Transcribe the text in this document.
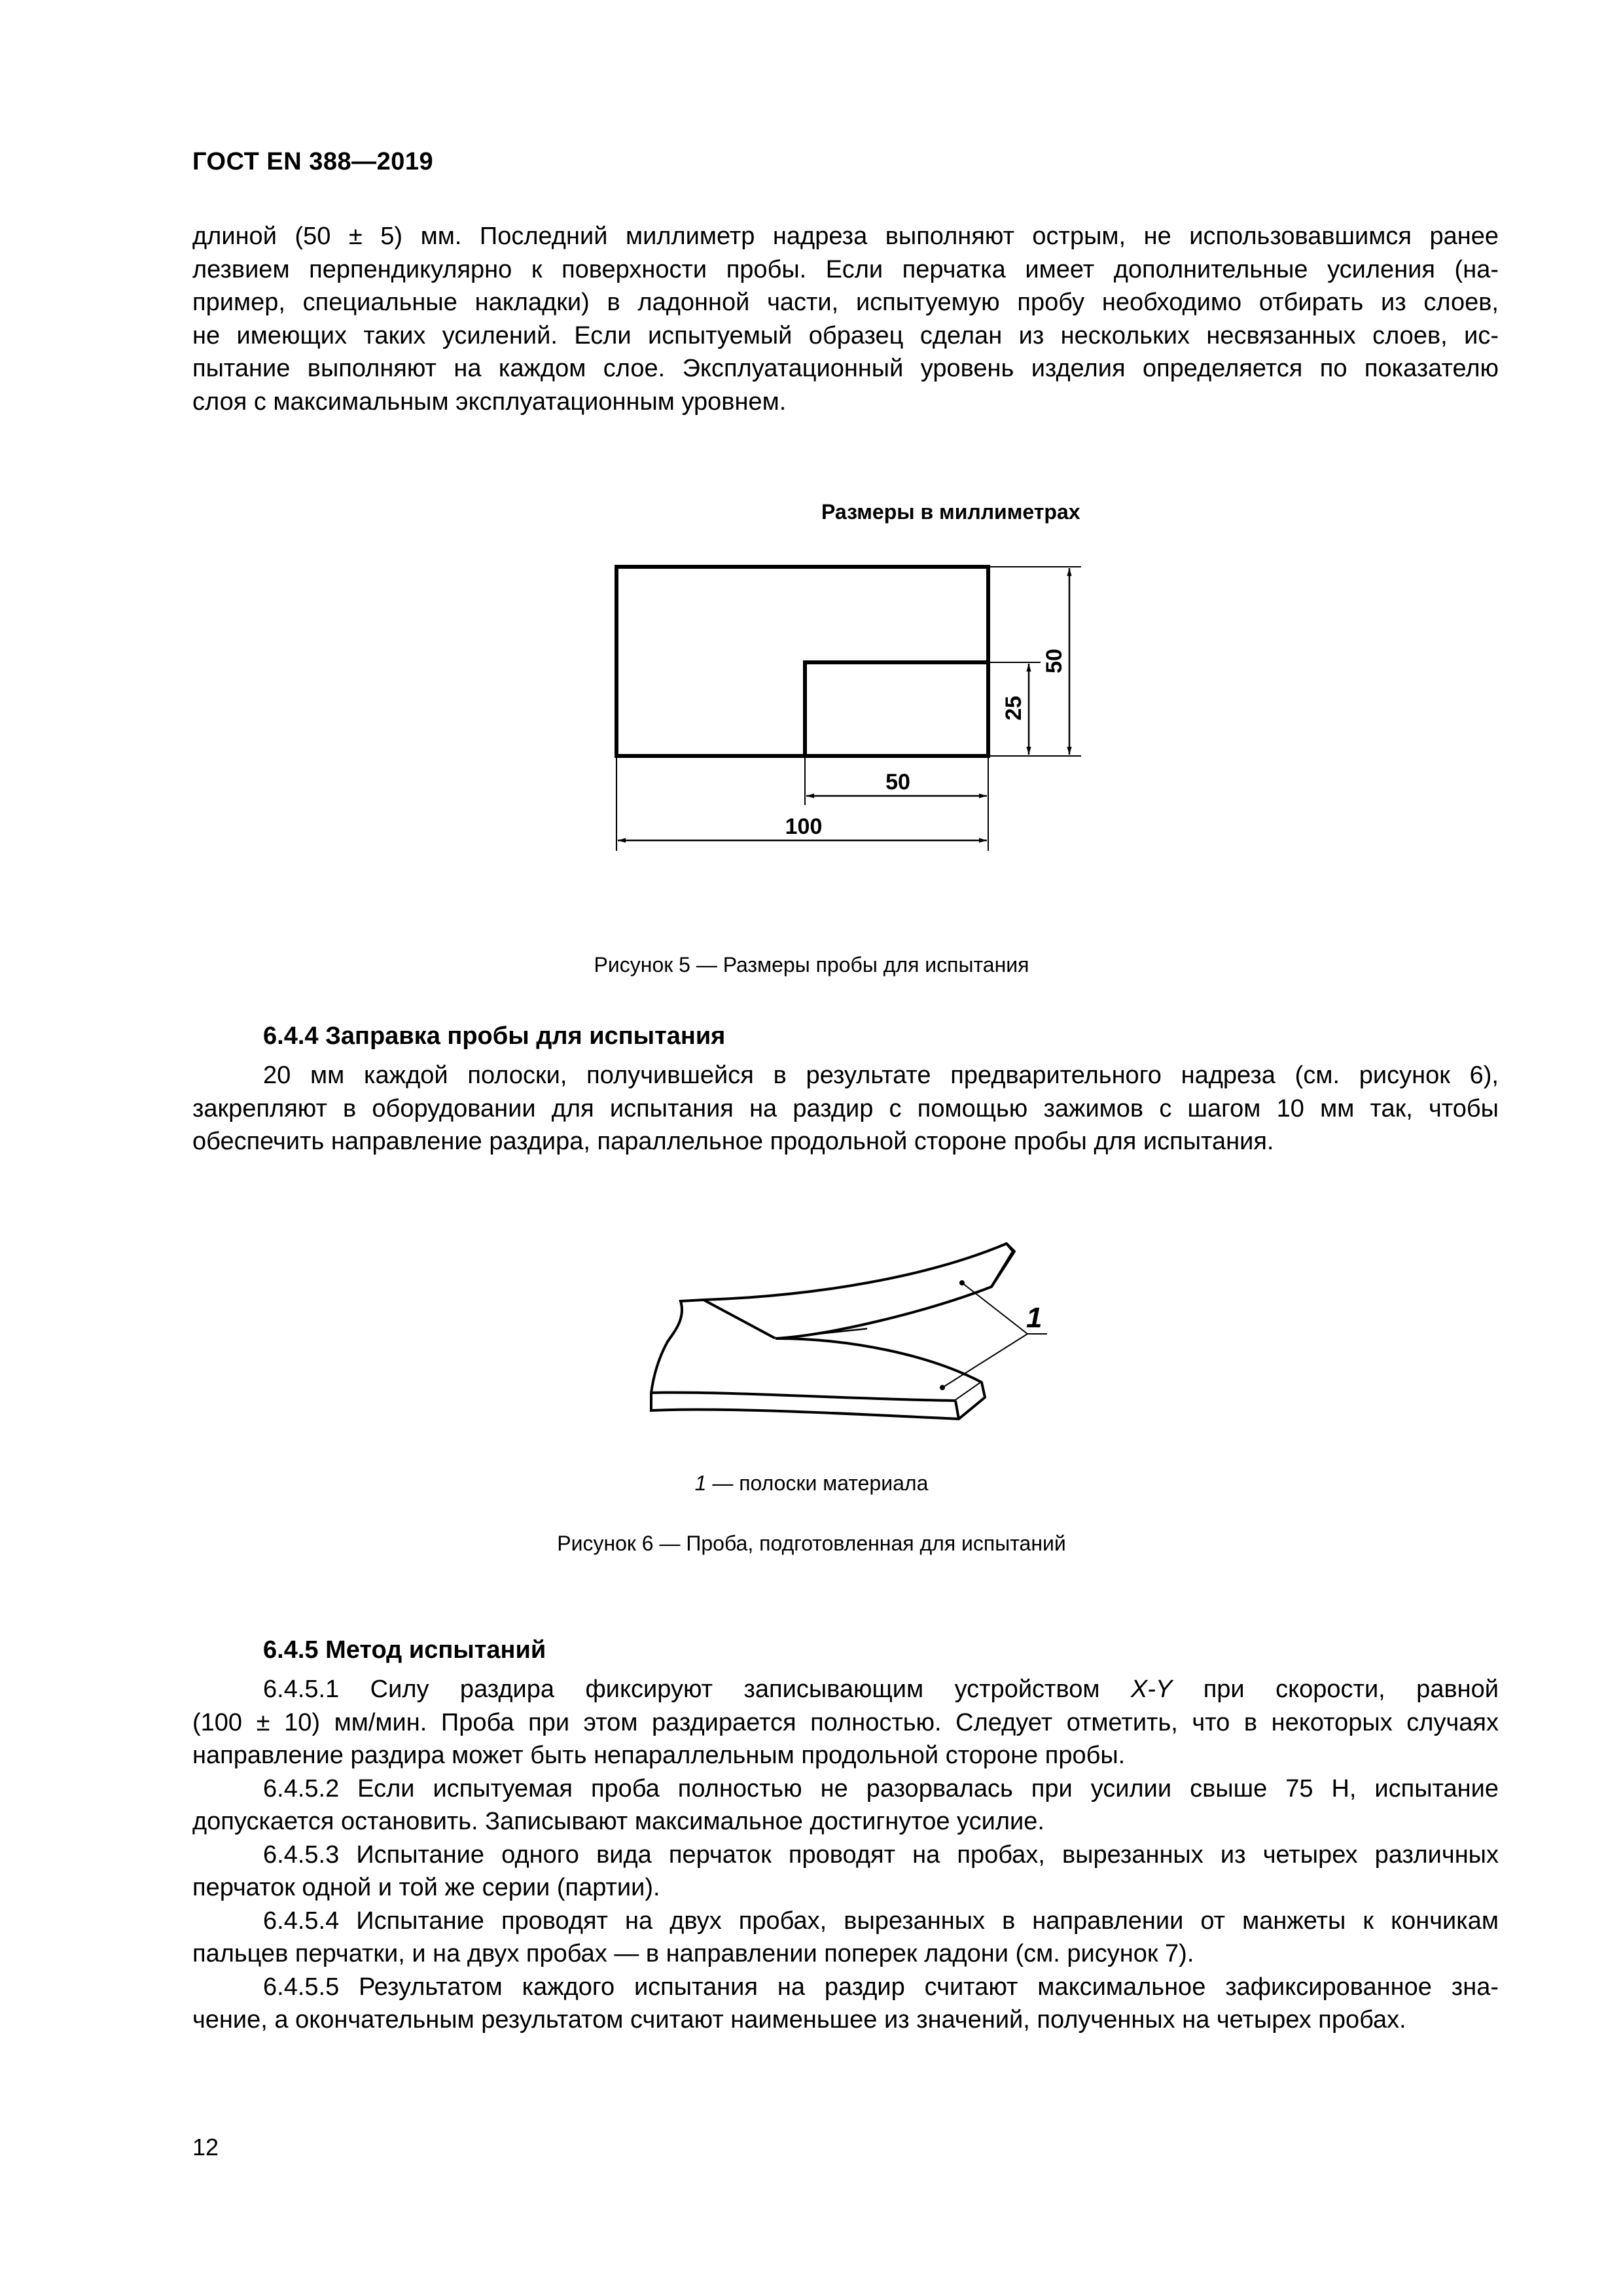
ГОСТ EN 388—2019
длиной (50 ± 5) мм. Последний миллиметр надреза выполняют острым, не использовавшимся ранее
лезвием перпендикулярно к поверхности пробы. Если перчатка имеет дополнительные усиления (на-
пример, специальные накладки) в ладонной части, испытуемую пробу необходимо отбирать из слоев,
не имеющих таких усилений. Если испытуемый образец сделан из нескольких несвязанных слоев, ис-
пытание выполняют на каждом слое. Эксплуатационный уровень изделия определяется по показателю
слоя с максимальным эксплуатационным уровнем.
Размеры в миллиметрах
50
25
50
100
Рисунок 5 — Размеры пробы для испытания
6.4.4 Заправка пробы для испытания
20 мм каждой полоски, получившейся в результате предварительного надреза (см. рисунок 6),
закрепляют в оборудовании для испытания на раздир с помощью зажимов с шагом 10 мм так, чтобы
обеспечить направление раздира, параллельное продольной стороне пробы для испытания.
1
1 — полоски материала
Рисунок 6 — Проба, подготовленная для испытаний
6.4.5 Метод испытаний
6.4.5.1 Силу раздира фиксируют записывающим устройством X-Y при скорости, равной
(100 ± 10) мм/мин. Проба при этом раздирается полностью. Следует отметить, что в некоторых случаях
направление раздира может быть непараллельным продольной стороне пробы.
6.4.5.2 Если испытуемая проба полностью не разорвалась при усилии свыше 75 Н, испытание
допускается остановить. Записывают максимальное достигнутое усилие.
6.4.5.3 Испытание одного вида перчаток проводят на пробах, вырезанных из четырех различных
перчаток одной и той же серии (партии).
6.4.5.4 Испытание проводят на двух пробах, вырезанных в направлении от манжеты к кончикам
пальцев перчатки, и на двух пробах — в направлении поперек ладони (см. рисунок 7).
6.4.5.5 Результатом каждого испытания на раздир считают максимальное зафиксированное зна-
чение, а окончательным результатом считают наименьшее из значений, полученных на четырех пробах.
12
